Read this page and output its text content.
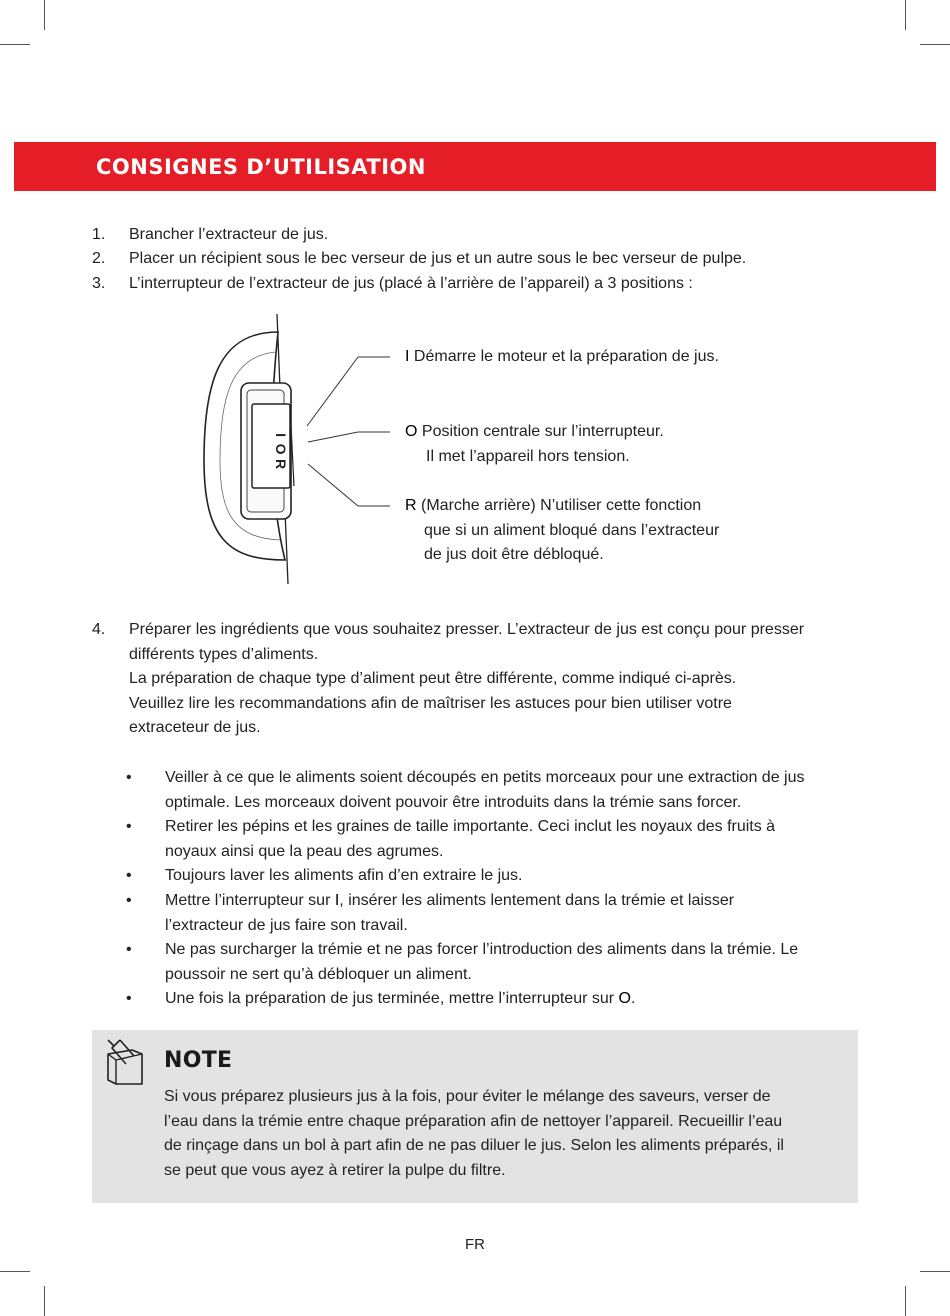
CONSIGNES D’UTILISATION
1. Brancher l’extracteur de jus.
2. Placer un récipient sous le bec verseur de jus et un autre sous le bec verseur de pulpe.
3. L’interrupteur de l’extracteur de jus (placé à l’arrière de l’appareil) a 3 positions :
I
O
R
I Démarre le moteur et la préparation de jus.
O Position centrale sur l’interrupteur.
Il met l’appareil hors tension.
R (Marche arrière) N’utiliser cette fonction
que si un aliment bloqué dans l’extracteur
de jus doit être débloqué.
4. Préparer les ingrédients que vous souhaitez presser. L’extracteur de jus est conçu pour presser
différents types d’aliments.
La préparation de chaque type d’aliment peut être différente, comme indiqué ci-après.
Veuillez lire les recommandations afin de maîtriser les astuces pour bien utiliser votre
extraceteur de jus.
• Veiller à ce que le aliments soient découpés en petits morceaux pour une extraction de jus
optimale. Les morceaux doivent pouvoir être introduits dans la trémie sans forcer.
• Retirer les pépins et les graines de taille importante. Ceci inclut les noyaux des fruits à
noyaux ainsi que la peau des agrumes.
• Toujours laver les aliments afin d’en extraire le jus.
• Mettre l’interrupteur sur I, insérer les aliments lentement dans la trémie et laisser
l’extracteur de jus faire son travail.
• Ne pas surcharger la trémie et ne pas forcer l’introduction des aliments dans la trémie. Le
poussoir ne sert qu’à débloquer un aliment.
• Une fois la préparation de jus terminée, mettre l’interrupteur sur O.
NOTE
Si vous préparez plusieurs jus à la fois, pour éviter le mélange des saveurs, verser de
l’eau dans la trémie entre chaque préparation afin de nettoyer l’appareil. Recueillir l’eau
de rinçage dans un bol à part afin de ne pas diluer le jus. Selon les aliments préparés, il
se peut que vous ayez à retirer la pulpe du filtre.
FR
